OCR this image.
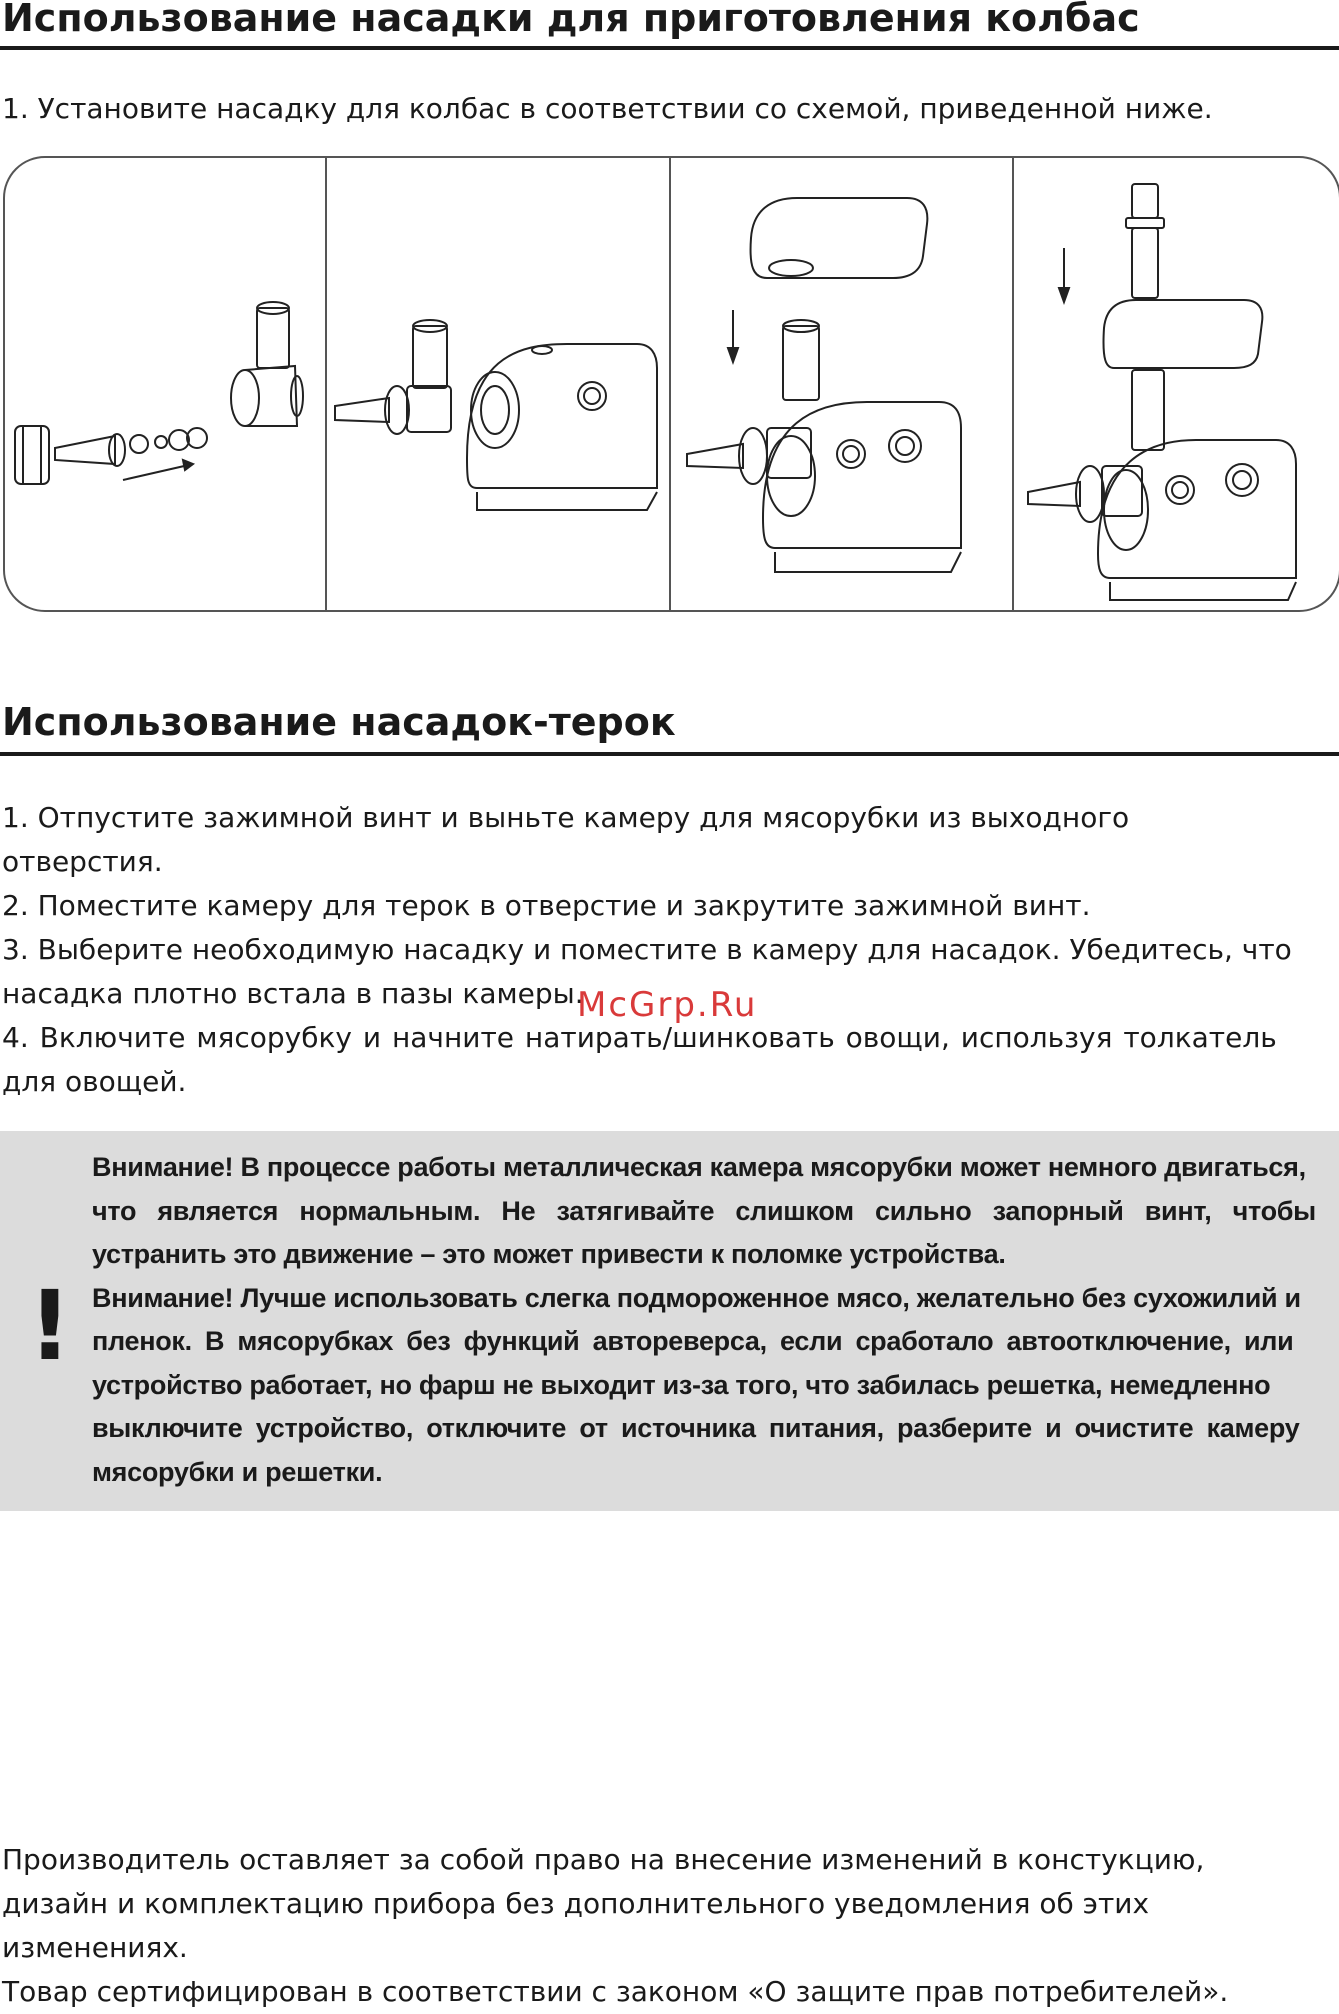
Использование насадки для приготовления колбас

1. Установите насадку для колбас в соответствии со схемой, приведенной ниже.

Использование насадок-терок

1. Отпустите зажимной винт и выньте камеру для мясорубки из выходного
отверстия.
2. Поместите камеру для терок в отверстие и закрутите зажимной винт.
3. Выберите необходимую насадку и поместите в камеру для насадок. Убедитесь, что
насадка плотно встала в пазы камеры.
4. Включите мясорубку и начните натирать/шинковать овощи, используя толкатель
для овощей.

McGrp.Ru
!
Внимание! В процессе работы металлическая камера мясорубки может немного двигаться,
что является нормальным. Не затягивайте слишком сильно запорный винт, чтобы
устранить это движение – это может привести к поломке устройства.
Внимание! Лучше использовать слегка подмороженное мясо, желательно без сухожилий и
пленок. В мясорубках без функций автореверса, если сработало автоотключение, или
устройство работает, но фарш не выходит из-за того, что забилась решетка, немедленно
выключите устройство, отключите от источника питания, разберите и очистите камеру
мясорубки и решетки.

Производитель оставляет за собой право на внесение изменений в констукцию,
дизайн и комплектацию прибора без дополнительного уведомления об этих
изменениях.
Товар сертифицирован в соответствии с законом «О защите прав потребителей».
